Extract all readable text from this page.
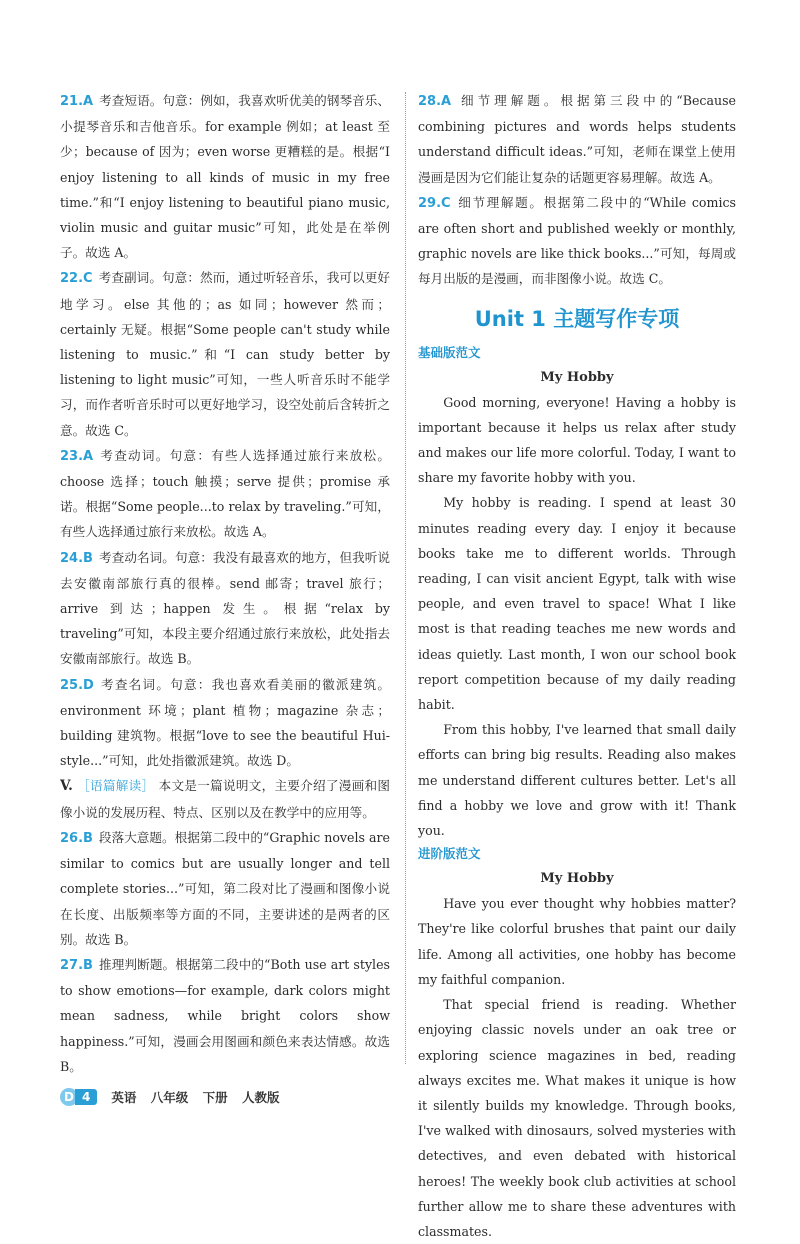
21.A 考查短语。句意：例如，我喜欢听优美的钢琴音乐、小提琴音乐和吉他音乐。for example 例如；at least 至少；because of 因为；even worse 更糟糕的是。根据“I enjoy listening to all kinds of music in my free time.”和“I enjoy listening to beautiful piano music, violin music and guitar music”可知，此处是在举例子。故选 A。
22.C 考查副词。句意：然而，通过听轻音乐，我可以更好地学习。else 其他的；as 如同；however 然而；certainly 无疑。根据“Some people can't study while listening to music.”和“I can study better by listening to light music”可知，一些人听音乐时不能学习，而作者听音乐时可以更好地学习，设空处前后含转折之意。故选 C。
23.A 考查动词。句意：有些人选择通过旅行来放松。choose 选择；touch 触摸；serve 提供；promise 承诺。根据“Some people...to relax by traveling.”可知，有些人选择通过旅行来放松。故选 A。
24.B 考查动名词。句意：我没有最喜欢的地方，但我听说去安徽南部旅行真的很棒。send 邮寄；travel 旅行；arrive 到达；happen 发生。根据“relax by traveling”可知，本段主要介绍通过旅行来放松，此处指去安徽南部旅行。故选 B。
25.D 考查名词。句意：我也喜欢看美丽的徽派建筑。environment 环境；plant 植物；magazine 杂志；building 建筑物。根据“love to see the beautiful Hui-style...”可知，此处指徽派建筑。故选 D。
V. ［语篇解读］ 本文是一篇说明文，主要介绍了漫画和图像小说的发展历程、特点、区别以及在教学中的应用等。
26.B 段落大意题。根据第二段中的“Graphic novels are similar to comics but are usually longer and tell complete stories...”可知，第二段对比了漫画和图像小说在长度、出版频率等方面的不同，主要讲述的是两者的区别。故选 B。
27.B 推理判断题。根据第二段中的“Both use art styles to show emotions—for example, dark colors might mean sadness, while bright colors show happiness.”可知，漫画会用图画和颜色来表达情感。故选 B。
28.A 细节理解题。根据第三段中的“Because combining pictures and words helps students understand difficult ideas.”可知，老师在课堂上使用漫画是因为它们能让复杂的话题更容易理解。故选 A。
29.C 细节理解题。根据第二段中的“While comics are often short and published weekly or monthly, graphic novels are like thick books...”可知，每周或每月出版的是漫画，而非图像小说。故选 C。
Unit 1 主题写作专项
基础版范文
My Hobby

Good morning, everyone! Having a hobby is important because it helps us relax after study and makes our life more colorful. Today, I want to share my favorite hobby with you.

My hobby is reading. I spend at least 30 minutes reading every day. I enjoy it because books take me to different worlds. Through reading, I can visit ancient Egypt, talk with wise people, and even travel to space! What I like most is that reading teaches me new words and ideas quietly. Last month, I won our school book report competition because of my daily reading habit.

From this hobby, I've learned that small daily efforts can bring big results. Reading also makes me understand different cultures better. Let's all find a hobby we love and grow with it! Thank you.

进阶版范文
My Hobby

Have you ever thought why hobbies matter? They're like colorful brushes that paint our daily life. Among all activities, one hobby has become my faithful companion.

That special friend is reading. Whether enjoying classic novels under an oak tree or exploring science magazines in bed, reading always excites me. What makes it unique is how it silently builds my knowledge. Through books, I've walked with dinosaurs, solved mysteries with detectives, and even debated with historical heroes! The weekly book club activities at school further allow me to share these adventures with classmates.

D 4	英语 八年级 下册 人教版
